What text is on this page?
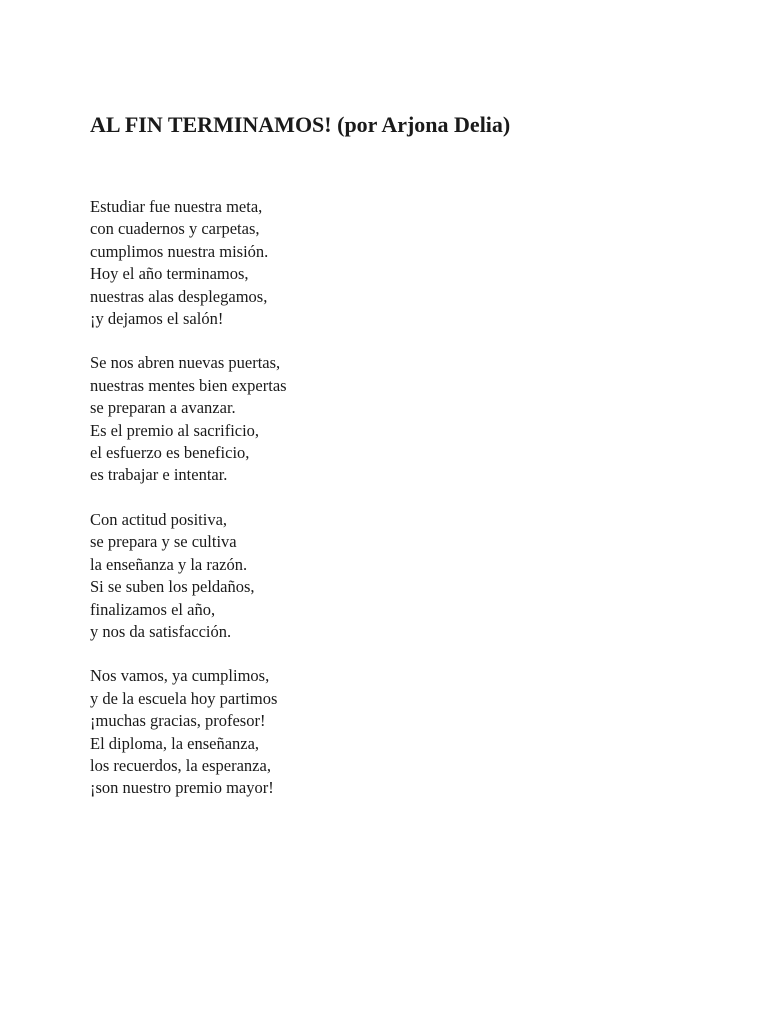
AL FIN TERMINAMOS! (por Arjona Delia)
Estudiar fue nuestra meta,
con cuadernos y carpetas,
cumplimos nuestra misión.
Hoy el año terminamos,
nuestras alas desplegamos,
¡y dejamos el salón!
Se nos abren nuevas puertas,
nuestras mentes bien expertas
se preparan a avanzar.
Es el premio al sacrificio,
el esfuerzo es beneficio,
es trabajar e intentar.
Con actitud positiva,
se prepara y se cultiva
la enseñanza y la razón.
Si se suben los peldaños,
finalizamos el año,
y nos da satisfacción.
Nos vamos, ya cumplimos,
y de la escuela hoy partimos
¡muchas gracias, profesor!
El diploma, la enseñanza,
los recuerdos, la esperanza,
¡son nuestro premio mayor!
